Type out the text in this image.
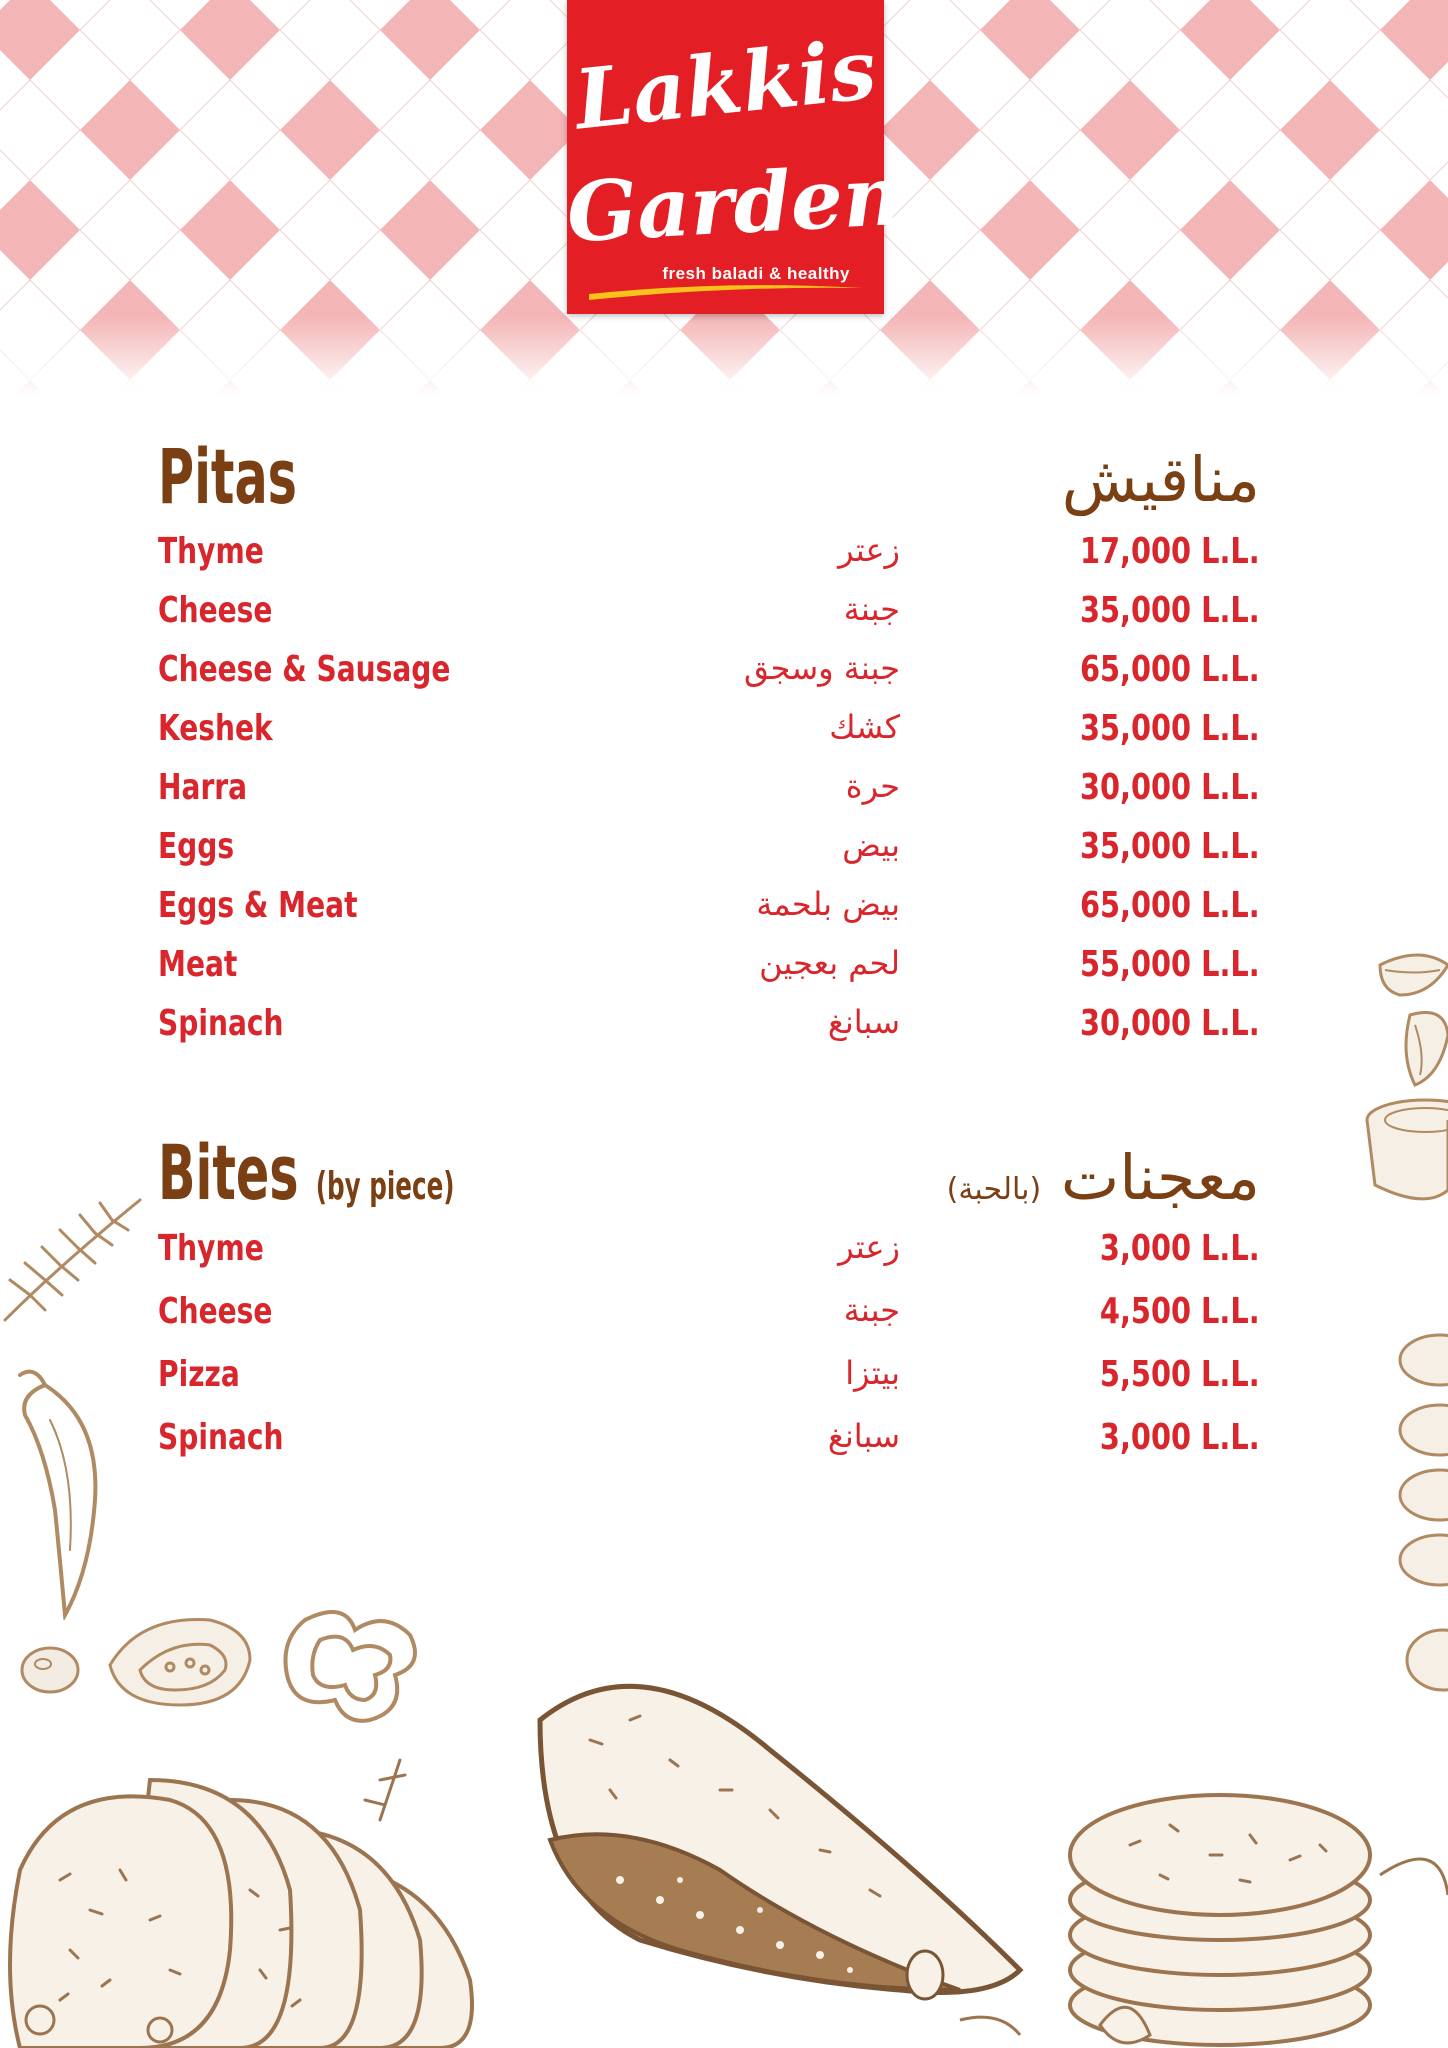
Lakkis
Garden
fresh baladi & healthy
Pitas	مناقيش
Thyme	زعتر	17,000 L.L.
Cheese	جبنة	35,000 L.L.
Cheese & Sausage	جبنة وسجق	65,000 L.L.
Keshek	كشك	35,000 L.L.
Harra	حرة	30,000 L.L.
Eggs	بيض	35,000 L.L.
Eggs & Meat	بيض بلحمة	65,000 L.L.
Meat	لحم بعجين	55,000 L.L.
Spinach	سبانغ	30,000 L.L.
Bites (by piece)	معجنات (بالحبة)
Thyme	زعتر	3,000 L.L.
Cheese	جبنة	4,500 L.L.
Pizza	بيتزا	5,500 L.L.
Spinach	سبانغ	3,000 L.L.
